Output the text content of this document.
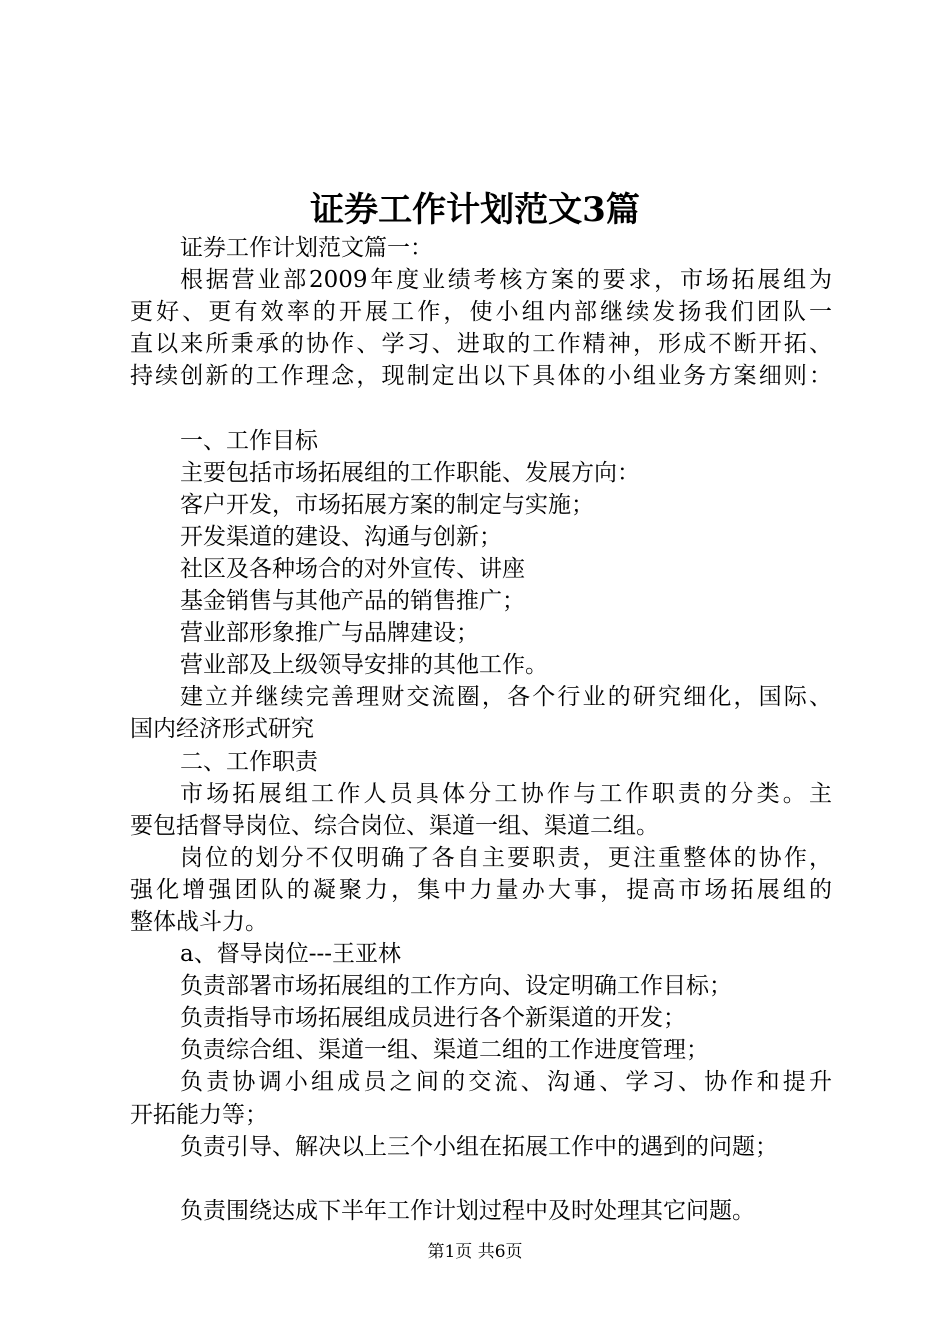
证券工作计划范文3篇
证券工作计划范文篇一：
根据营业部2009年度业绩考核方案的要求，市场拓展组为
更好、更有效率的开展工作，使小组内部继续发扬我们团队一
直以来所秉承的协作、学习、进取的工作精神，形成不断开拓、
持续创新的工作理念，现制定出以下具体的小组业务方案细则：
一、工作目标
主要包括市场拓展组的工作职能、发展方向：
客户开发，市场拓展方案的制定与实施；
开发渠道的建设、沟通与创新；
社区及各种场合的对外宣传、讲座
基金销售与其他产品的销售推广；
营业部形象推广与品牌建设；
营业部及上级领导安排的其他工作。
建立并继续完善理财交流圈，各个行业的研究细化，国际、
国内经济形式研究
二、工作职责
市场拓展组工作人员具体分工协作与工作职责的分类。主
要包括督导岗位、综合岗位、渠道一组、渠道二组。
岗位的划分不仅明确了各自主要职责，更注重整体的协作，
强化增强团队的凝聚力，集中力量办大事，提高市场拓展组的
整体战斗力。
a、督导岗位---王亚林
负责部署市场拓展组的工作方向、设定明确工作目标；
负责指导市场拓展组成员进行各个新渠道的开发；
负责综合组、渠道一组、渠道二组的工作进度管理；
负责协调小组成员之间的交流、沟通、学习、协作和提升
开拓能力等；
负责引导、解决以上三个小组在拓展工作中的遇到的问题；
负责围绕达成下半年工作计划过程中及时处理其它问题。
第1页 共6页
